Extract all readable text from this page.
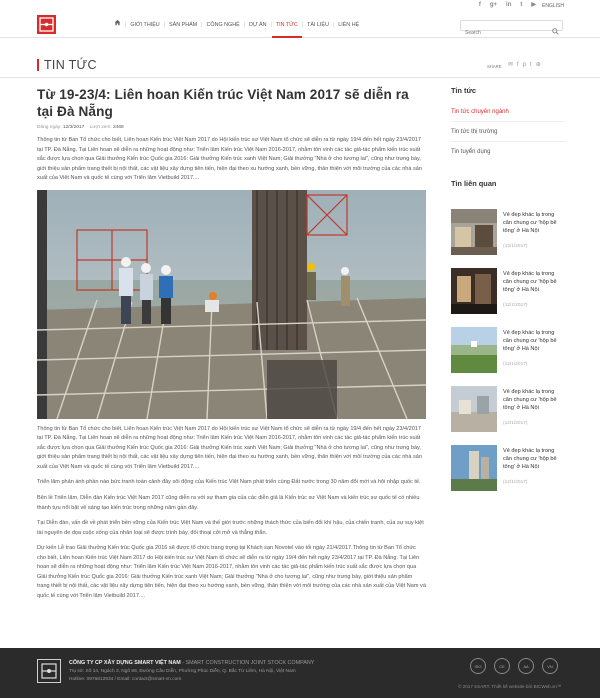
f g+ in t ▶ ENGLISH
| GIỚI THIỆU | SẢN PHẨM | CÔNG NGHỆ | DỰ ÁN | TIN TỨC | TÀI LIỆU | LIÊN HỆ
Search
TIN TỨC	SHARE ✉ f p t ⊕
Từ 19-23/4: Liên hoan Kiến trúc Việt Nam 2017 sẽ diễn ra tại Đà Nẵng
Đăng ngày: 12/3/2017 Lượt xem: 2468

Thông tin từ Ban Tổ chức cho biết, Liên hoan Kiến trúc Việt Nam 2017 do Hội kiến trúc sư Việt Nam tổ chức sẽ diễn ra từ ngày 19/4 đến hết ngày 23/4/2017 tại TP. Đà Nẵng. Tại Liên hoan sẽ diễn ra những hoạt động như: Triển lãm Kiến trúc Việt Nam 2016-2017, nhằm tôn vinh các tác giả-tác phẩm kiến trúc xuất sắc được lựa chọn qua Giải thưởng Kiến trúc Quốc gia 2016: Giải thưởng Kiến trúc xanh Việt Nam; Giải thưởng "Nhà ở cho tương lai", cũng như trưng bày, giới thiệu sản phẩm trang thiết bị nội thất, các vật liệu xây dựng tiên tiến, hiện đại theo xu hướng xanh, bền vững, thân thiện với môi trường của các nhà sản xuất của Việt Nam và quốc tế cùng với Triển lãm Vietbuild 2017....

Thông tin từ Ban Tổ chức cho biết, Liên hoan Kiến trúc Việt Nam 2017 do Hội kiến trúc sư Việt Nam tổ chức sẽ diễn ra từ ngày 19/4 đến hết ngày 23/4/2017 tại TP. Đà Nẵng. Tại Liên hoan sẽ diễn ra những hoạt động như: Triển lãm Kiến trúc Việt Nam 2016-2017, nhằm tôn vinh các tác giả-tác phẩm kiến trúc xuất sắc được lựa chọn qua Giải thưởng Kiến trúc Quốc gia 2016: Giải thưởng Kiến trúc xanh Việt Nam; Giải thưởng "Nhà ở cho tương lai", cũng như trưng bày, giới thiệu sản phẩm trang thiết bị nội thất, các vật liệu xây dựng tiên tiến, hiện đại theo xu hướng xanh, bền vững, thân thiện với môi trường của các nhà sản xuất của Việt Nam và quốc tế cùng với Triển lãm Vietbuild 2017....

Triển lãm phản ánh phần nào bức tranh toàn cảnh đầy sôi động của Kiến trúc Việt Nam phát triển cùng Đất nước trong 30 năm đổi mới và hội nhập quốc tế.

Bên lề Triển lãm, Diễn đàn Kiến trúc Việt Nam 2017 cũng diễn ra với sự tham gia của các diễn giả là Kiến trúc sư Việt Nam và kiến trúc sư quốc tế có nhiều thành tựu nổi bật về sáng tạo kiến trúc trong những năm gần đây.

Tại Diễn đàn, vấn đề về phát triển bền vững của Kiến trúc Việt Nam và thế giới trước những thách thức của biến đổi khí hậu, của chiến tranh, của sự suy kiệt tài nguyên đe dọa cuộc sống của nhân loại sẽ được trình bày, đối thoại cởi mở và thẳng thắn.

Dự kiến Lễ trao Giải thưởng Kiến trúc Quốc gia 2016 sẽ được tổ chức trang trọng tại Khách sạn Novotel vào tối ngày 21/4/2017.Thông tin từ Ban Tổ chức cho biết, Liên hoan Kiến trúc Việt Nam 2017 do Hội kiến trúc sư Việt Nam tổ chức sẽ diễn ra từ ngày 19/4 đến hết ngày 23/4/2017 tại TP. Đà Nẵng. Tại Liên hoan sẽ diễn ra những hoạt động như: Triển lãm Kiến trúc Việt Nam 2016-2017, nhằm tôn vinh các tác giả-tác phẩm kiến trúc xuất sắc được lựa chọn qua Giải thưởng Kiến trúc Quốc gia 2016: Giải thưởng Kiến trúc xanh Việt Nam; Giải thưởng "Nhà ở cho tương lai", cũng như trưng bày, giới thiệu sản phẩm trang thiết bị nội thất, các vật liệu xây dựng tiên tiến, hiện đại theo xu hướng xanh, bền vững, thân thiện với môi trường của các nhà sản xuất của Việt Nam và quốc tế cùng với Triển lãm Vietbuild 2017....

Tin tức
Tin tức chuyên ngành
Tin tức thị trường
Tin tuyển dụng
Tin liên quan
Vẻ đẹp khác lạ trong căn chung cư 'hộp bê tông' ở Hà Nội
(12/1/2017)
Vẻ đẹp khác lạ trong căn chung cư 'hộp bê tông' ở Hà Nội
(12/1/2017)
Vẻ đẹp khác lạ trong căn chung cư 'hộp bê tông' ở Hà Nội
(12/1/2017)
Vẻ đẹp khác lạ trong căn chung cư 'hộp bê tông' ở Hà Nội
(12/1/2017)
Vẻ đẹp khác lạ trong căn chung cư 'hộp bê tông' ở Hà Nội
(12/1/2017)
CÔNG TY CP XÂY DỰNG SMART VIỆT NAM - SMART CONSTRUCTION JOINT STOCK COMPANY
Trụ sở: Số 14, Ngách 3, Ngõ 86, Đường Cầu Diễn, Phường Phúc Diễn, Q. Bắc Từ Liêm, Hà Nội, Việt Nam
Hotline: 0976812934 / Email: contact@smart-vn.com
ISO	CE	AA	VN
© 2017 smART. Thiết kế website bởi BICWeb.vn™
